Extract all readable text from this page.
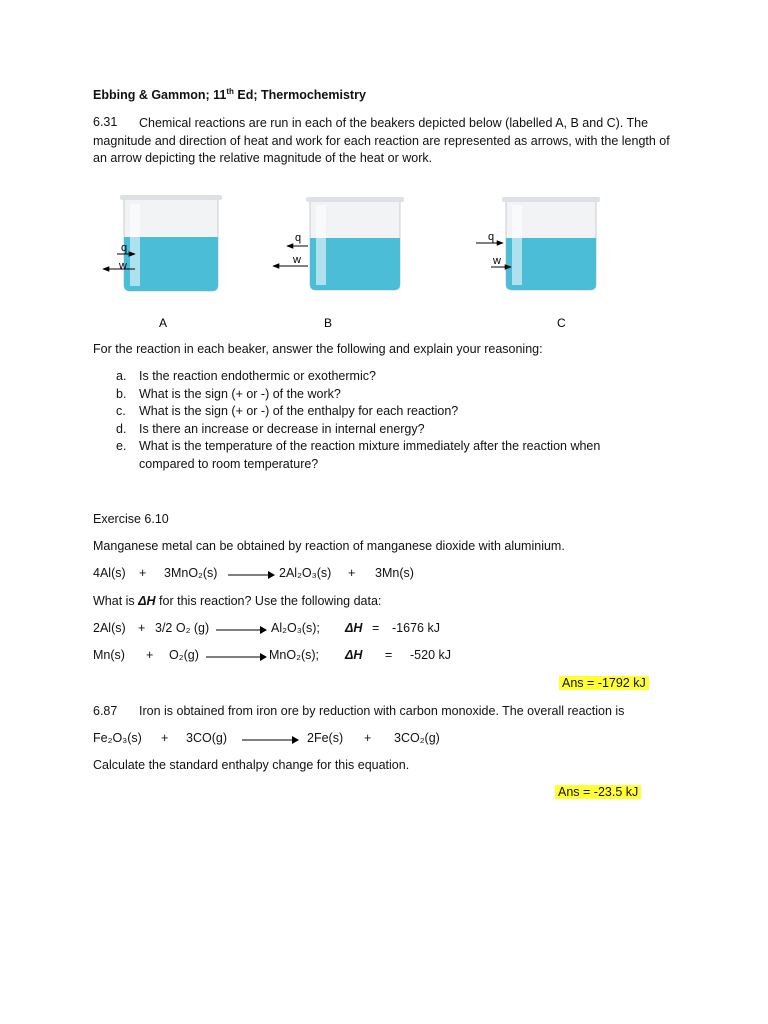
Ebbing & Gammon; 11th Ed; Thermochemistry
6.31	Chemical reactions are run in each of the beakers depicted below (labelled A, B and C). The magnitude and direction of heat and work for each reaction are represented as arrows, with the length of an arrow depicting the relative magnitude of the heat or work.
q
w
A
q
w
B
q
w
C
For the reaction in each beaker, answer the following and explain your reasoning:
a. Is the reaction endothermic or exothermic?
b. What is the sign (+ or -) of the work?
c. What is the sign (+ or -) of the enthalpy for each reaction?
d. Is there an increase or decrease in internal energy?
e. What is the temperature of the reaction mixture immediately after the reaction when
compared to room temperature?
Exercise 6.10
Manganese metal can be obtained by reaction of manganese dioxide with aluminium.
4Al(s) + 3MnO₂(s) → 2Al₂O₃(s) + 3Mn(s)
What is ΔH for this reaction? Use the following data:
2Al(s) + 3/2 O₂ (g)	Al₂O₃(s); ΔH = -1676 kJ
Mn(s) + O₂(g)	MnO₂(s); ΔH = -520 kJ
Ans = -1792 kJ
6.87 Iron is obtained from iron ore by reduction with carbon monoxide. The overall reaction is
Fe₂O₃(s) + 3CO(g)	2Fe(s) + 3CO₂(g)
Calculate the standard enthalpy change for this equation.
Ans = -23.5 kJ
